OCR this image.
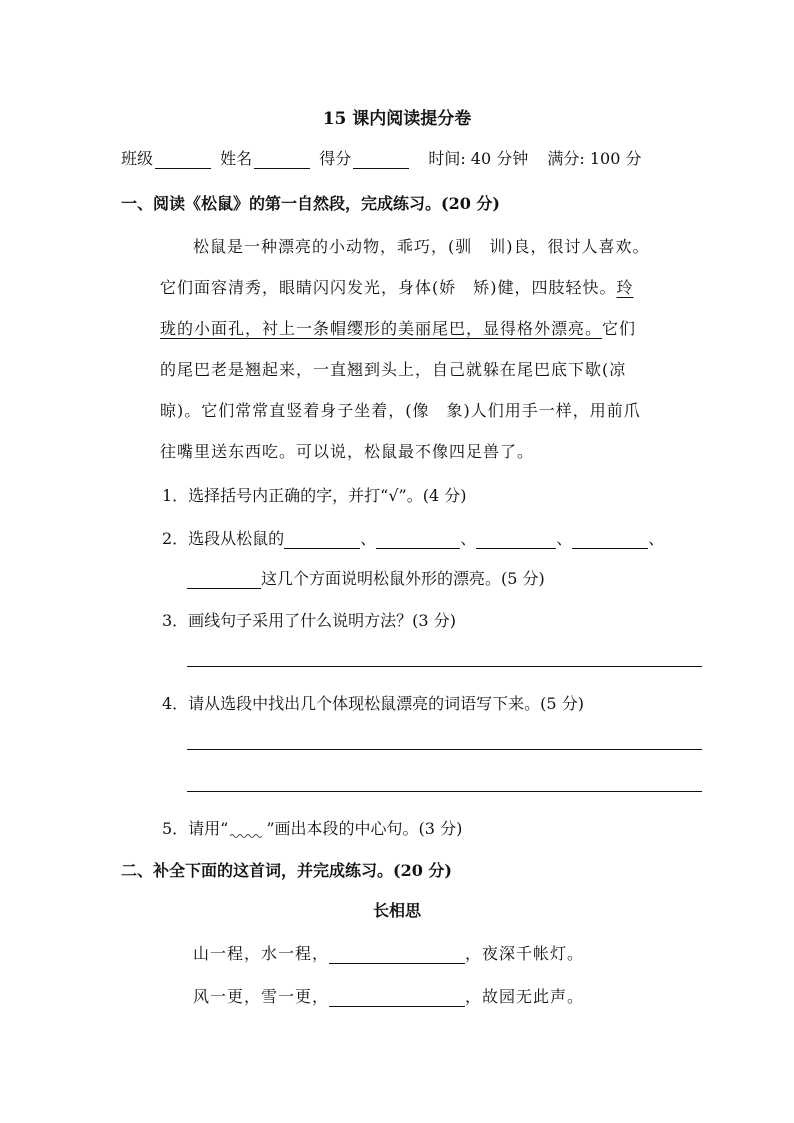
15 课内阅读提分卷
班级	姓名	得分	时间: 40 分钟 满分: 100 分
一、阅读《松鼠》的第一自然段，完成练习。(20 分)
松鼠是一种漂亮的小动物，乖巧，(驯　训)良，很讨人喜欢。
它们面容清秀，眼睛闪闪发光，身体(娇　矫)健，四肢轻快。玲
珑的小面孔，衬上一条帽缨形的美丽尾巴，显得格外漂亮。它们
的尾巴老是翘起来，一直翘到头上，自己就躲在尾巴底下歇(凉
晾)。它们常常直竖着身子坐着，(像　象)人们用手一样，用前爪
往嘴里送东西吃。可以说，松鼠最不像四足兽了。
1．选择括号内正确的字，并打“√”。(4 分)
2．选段从松鼠的	、	、	、	、
这几个方面说明松鼠外形的漂亮。(5 分)
3．画线句子采用了什么说明方法？(3 分)
4．请从选段中找出几个体现松鼠漂亮的词语写下来。(5 分)
5．请用“ ”画出本段的中心句。(3 分)
二、补全下面的这首词，并完成练习。(20 分)
长相思
山一程，水一程，	，夜深千帐灯。
风一更，雪一更，	，故园无此声。
